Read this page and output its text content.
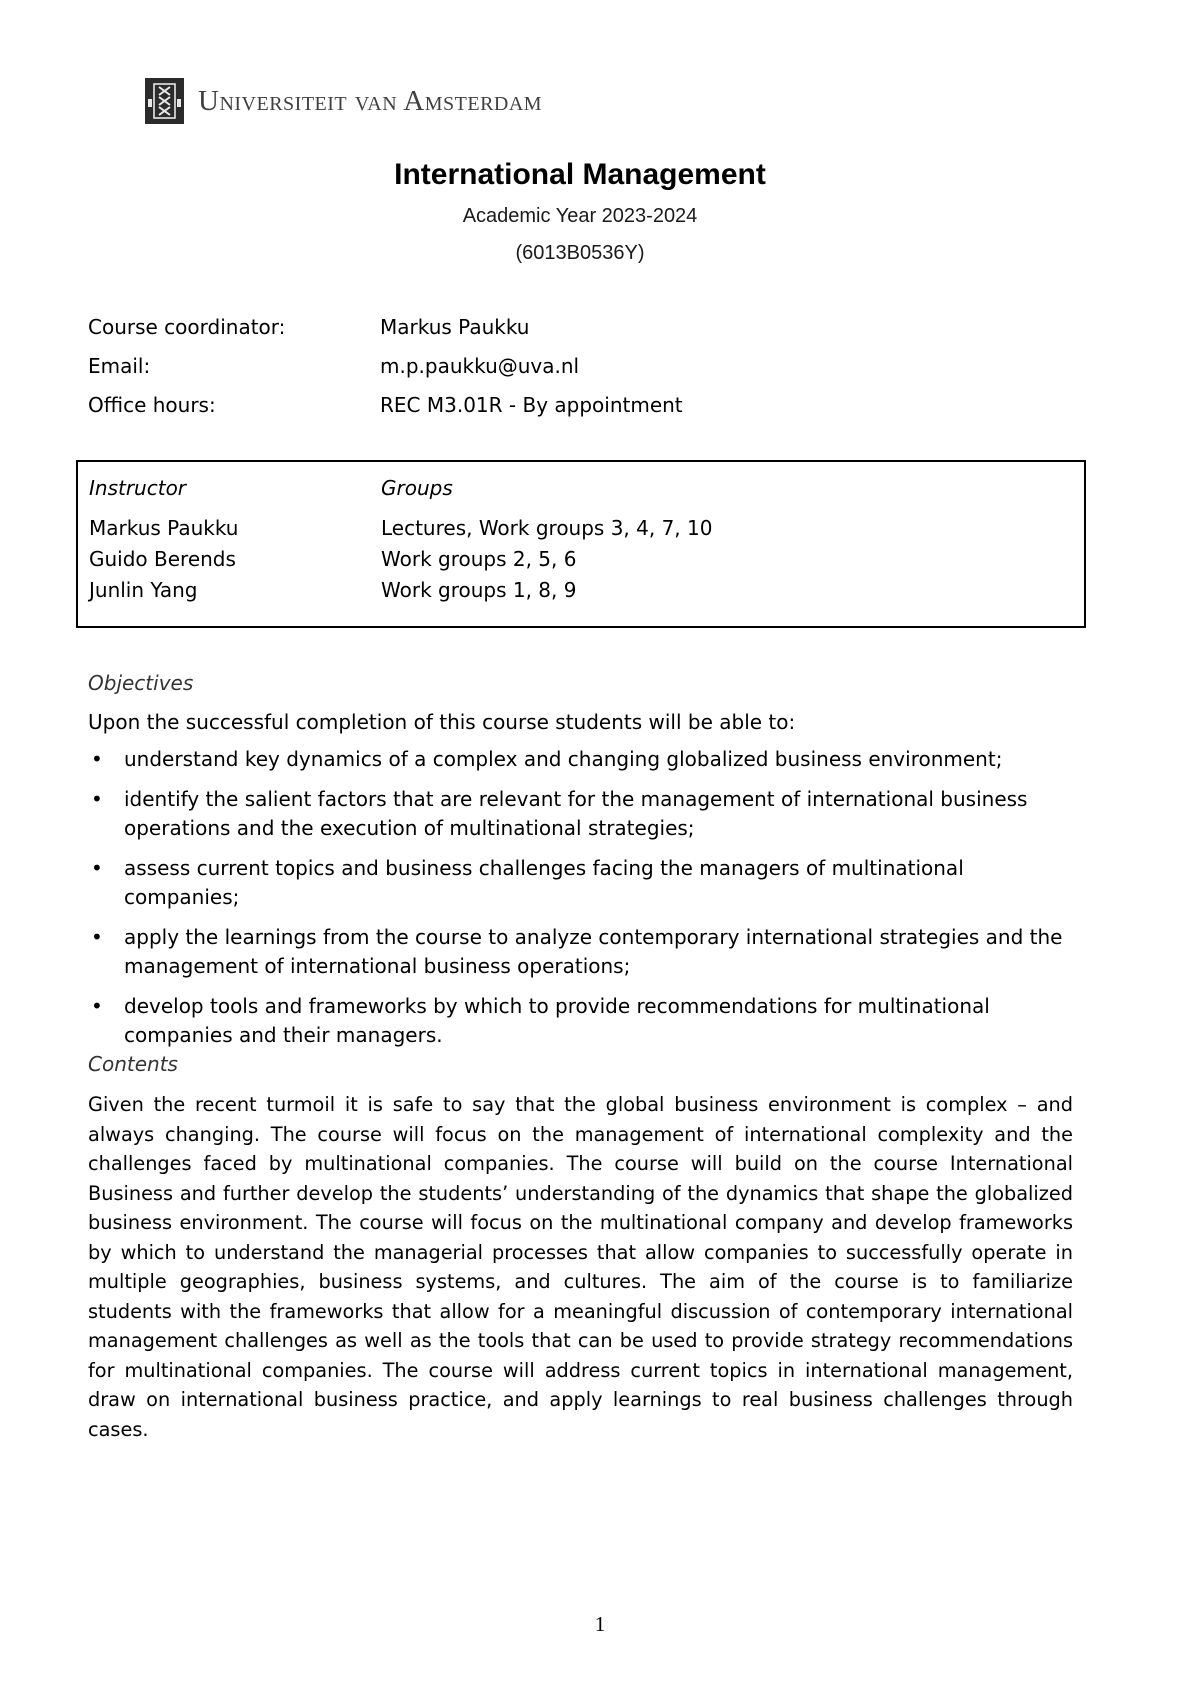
Universiteit van Amsterdam
International Management
Academic Year 2023-2024
(6013B0536Y)
Course coordinator:	Markus Paukku
Email:	m.p.paukku@uva.nl
Office hours:	REC M3.01R - By appointment
Instructor	Groups
Markus Paukku	Lectures, Work groups 3, 4, 7, 10
Guido Berends	Work groups 2, 5, 6
Junlin Yang	Work groups 1, 8, 9
Objectives
Upon the successful completion of this course students will be able to:
• understand key dynamics of a complex and changing globalized business environment;
• identify the salient factors that are relevant for the management of international business operations and the execution of multinational strategies;
• assess current topics and business challenges facing the managers of multinational companies;
• apply the learnings from the course to analyze contemporary international strategies and the management of international business operations;
• develop tools and frameworks by which to provide recommendations for multinational companies and their managers.
Contents
Given the recent turmoil it is safe to say that the global business environment is complex – and always changing. The course will focus on the management of international complexity and the challenges faced by multinational companies. The course will build on the course International Business and further develop the students’ understanding of the dynamics that shape the globalized business environment. The course will focus on the multinational company and develop frameworks by which to understand the managerial processes that allow companies to successfully operate in multiple geographies, business systems, and cultures. The aim of the course is to familiarize students with the frameworks that allow for a meaningful discussion of contemporary international management challenges as well as the tools that can be used to provide strategy recommendations for multinational companies. The course will address current topics in international management, draw on international business practice, and apply learnings to real business challenges through cases.
1
